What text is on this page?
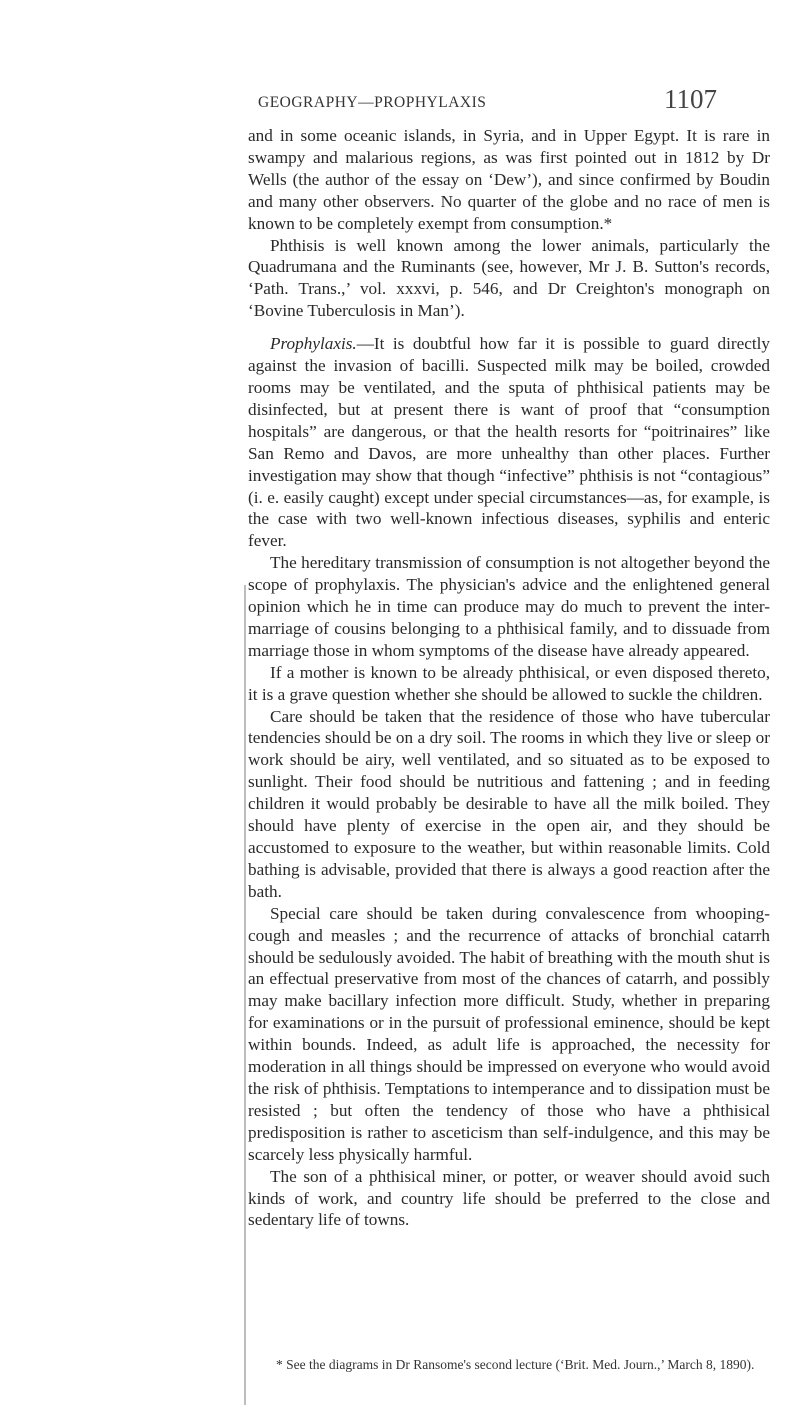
GEOGRAPHY—PROPHYLAXIS	1107

and in some oceanic islands, in Syria, and in Upper Egypt. It is rare in swampy and malarious regions, as was first pointed out in 1812 by Dr Wells (the author of the essay on ‘Dew’), and since confirmed by Boudin and many other observers. No quarter of the globe and no race of men is known to be completely exempt from consumption.*

Phthisis is well known among the lower animals, particularly the Quadrumana and the Ruminants (see, however, Mr J. B. Sutton's records, ‘Path. Trans.,’ vol. xxxvi, p. 546, and Dr Creighton's monograph on ‘Bovine Tuberculosis in Man’).

Prophylaxis.—It is doubtful how far it is possible to guard directly against the invasion of bacilli. Suspected milk may be boiled, crowded rooms may be ventilated, and the sputa of phthisical patients may be disinfected, but at present there is want of proof that “consumption hospitals” are dangerous, or that the health resorts for “poitrinaires” like San Remo and Davos, are more unhealthy than other places. Further investigation may show that though “infective” phthisis is not “contagious” (i. e. easily caught) except under special circumstances—as, for example, is the case with two well-known infectious diseases, syphilis and enteric fever.

The hereditary transmission of consumption is not altogether beyond the scope of prophylaxis. The physician's advice and the enlightened general opinion which he in time can produce may do much to prevent the inter-marriage of cousins belonging to a phthisical family, and to dissuade from marriage those in whom symptoms of the disease have already appeared.

If a mother is known to be already phthisical, or even disposed thereto, it is a grave question whether she should be allowed to suckle the children.

Care should be taken that the residence of those who have tubercular tendencies should be on a dry soil. The rooms in which they live or sleep or work should be airy, well ventilated, and so situated as to be exposed to sunlight. Their food should be nutritious and fattening ; and in feeding children it would probably be desirable to have all the milk boiled. They should have plenty of exercise in the open air, and they should be accustomed to exposure to the weather, but within reasonable limits. Cold bathing is advisable, provided that there is always a good reaction after the bath.

Special care should be taken during convalescence from whooping-cough and measles ; and the recurrence of attacks of bronchial catarrh should be sedulously avoided. The habit of breathing with the mouth shut is an effectual preservative from most of the chances of catarrh, and possibly may make bacillary infection more difficult. Study, whether in preparing for examinations or in the pursuit of professional eminence, should be kept within bounds. Indeed, as adult life is approached, the necessity for moderation in all things should be impressed on everyone who would avoid the risk of phthisis. Temptations to intemperance and to dissipation must be resisted ; but often the tendency of those who have a phthisical predisposition is rather to asceticism than self-indulgence, and this may be scarcely less physically harmful.

The son of a phthisical miner, or potter, or weaver should avoid such kinds of work, and country life should be preferred to the close and sedentary life of towns.

* See the diagrams in Dr Ransome's second lecture (‘Brit. Med. Journ.,’ March 8, 1890).
